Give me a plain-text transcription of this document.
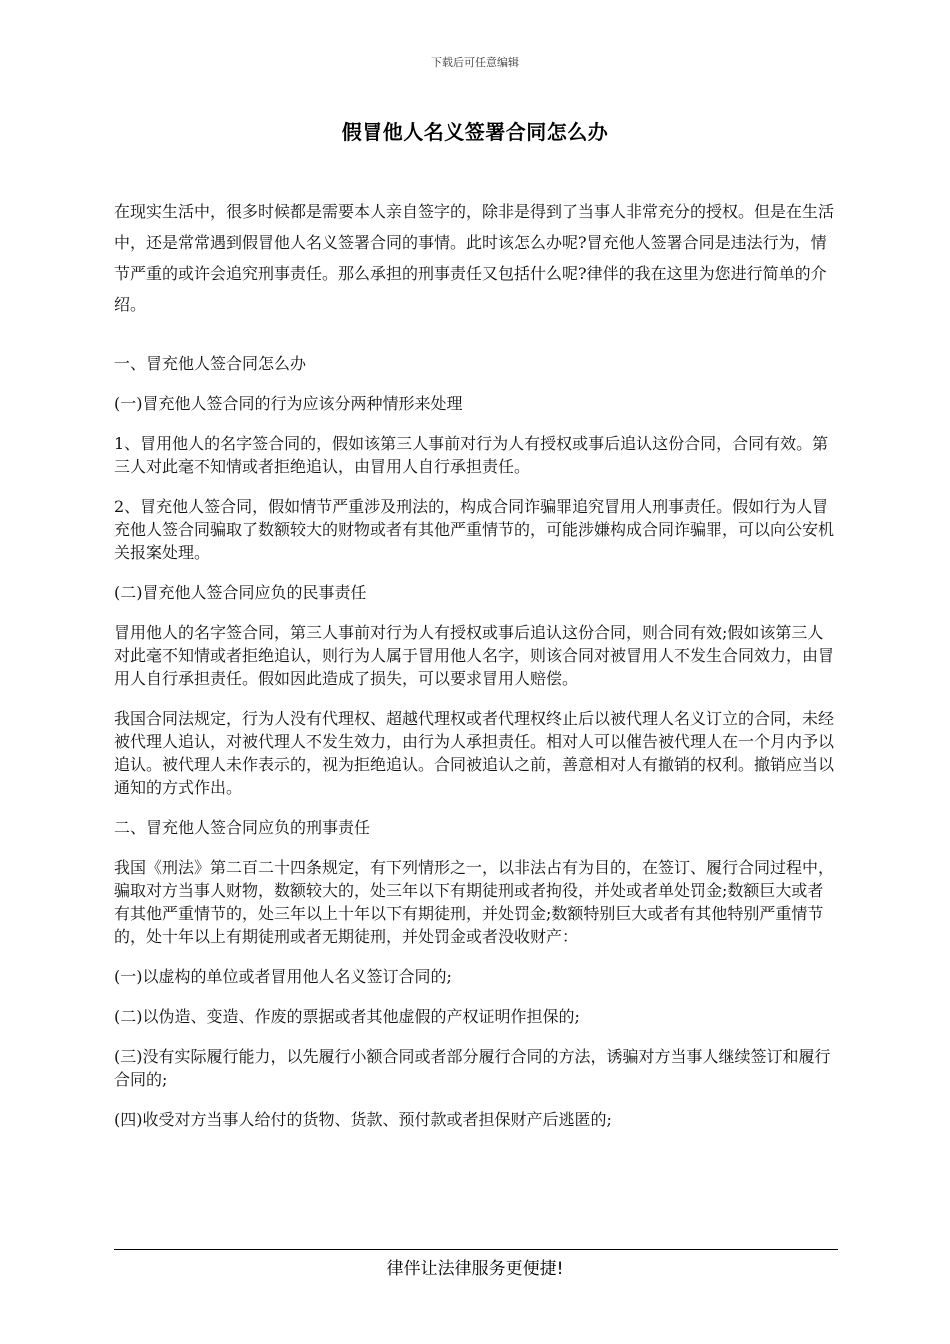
下载后可任意编辑
假冒他人名义签署合同怎么办

在现实生活中，很多时候都是需要本人亲自签字的，除非是得到了当事人非常充分的授权。但是在生活中，还是常常遇到假冒他人名义签署合同的事情。此时该怎么办呢?冒充他人签署合同是违法行为，情节严重的或许会追究刑事责任。那么承担的刑事责任又包括什么呢?律伴的我在这里为您进行简单的介绍。

一、冒充他人签合同怎么办

(一)冒充他人签合同的行为应该分两种情形来处理

1、冒用他人的名字签合同的，假如该第三人事前对行为人有授权或事后追认这份合同，合同有效。第三人对此毫不知情或者拒绝追认，由冒用人自行承担责任。

2、冒充他人签合同，假如情节严重涉及刑法的，构成合同诈骗罪追究冒用人刑事责任。假如行为人冒充他人签合同骗取了数额较大的财物或者有其他严重情节的，可能涉嫌构成合同诈骗罪，可以向公安机关报案处理。

(二)冒充他人签合同应负的民事责任

冒用他人的名字签合同，第三人事前对行为人有授权或事后追认这份合同，则合同有效;假如该第三人对此毫不知情或者拒绝追认，则行为人属于冒用他人名字，则该合同对被冒用人不发生合同效力，由冒用人自行承担责任。假如因此造成了损失，可以要求冒用人赔偿。

我国合同法规定，行为人没有代理权、超越代理权或者代理权终止后以被代理人名义订立的合同，未经被代理人追认，对被代理人不发生效力，由行为人承担责任。相对人可以催告被代理人在一个月内予以追认。被代理人未作表示的，视为拒绝追认。合同被追认之前，善意相对人有撤销的权利。撤销应当以通知的方式作出。

二、冒充他人签合同应负的刑事责任

我国《刑法》第二百二十四条规定，有下列情形之一，以非法占有为目的，在签订、履行合同过程中，骗取对方当事人财物，数额较大的，处三年以下有期徒刑或者拘役，并处或者单处罚金;数额巨大或者有其他严重情节的，处三年以上十年以下有期徒刑，并处罚金;数额特别巨大或者有其他特别严重情节的，处十年以上有期徒刑或者无期徒刑，并处罚金或者没收财产：

(一)以虚构的单位或者冒用他人名义签订合同的;

(二)以伪造、变造、作废的票据或者其他虚假的产权证明作担保的;

(三)没有实际履行能力，以先履行小额合同或者部分履行合同的方法，诱骗对方当事人继续签订和履行合同的;

(四)收受对方当事人给付的货物、货款、预付款或者担保财产后逃匿的;

律伴让法律服务更便捷!
